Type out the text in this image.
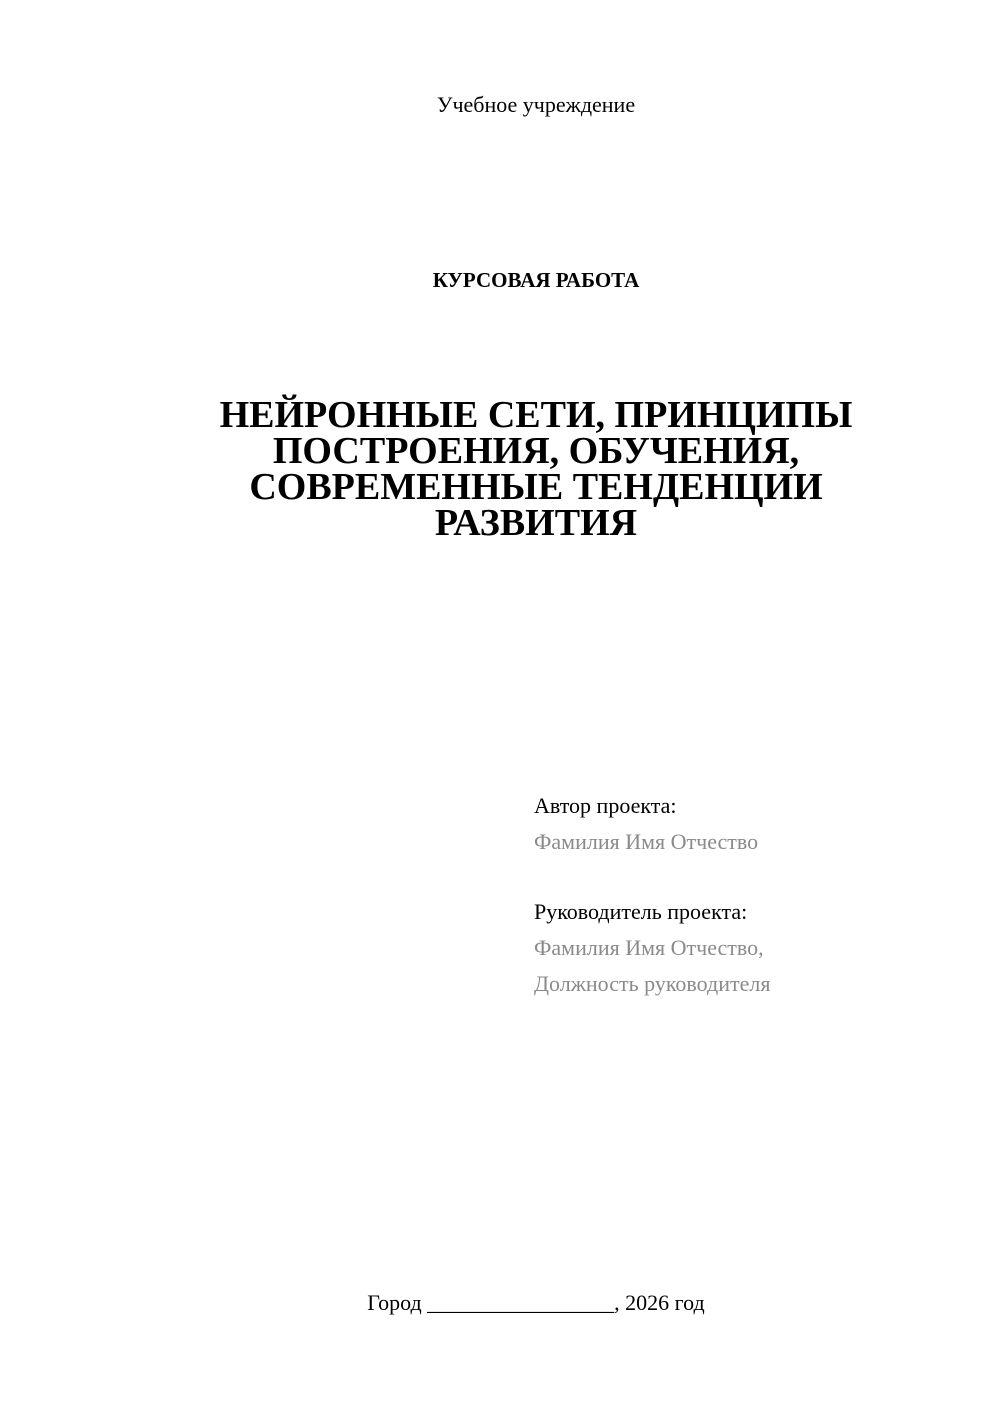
Учебное учреждение
КУРСОВАЯ РАБОТА
НЕЙРОННЫЕ СЕТИ, ПРИНЦИПЫ
ПОСТРОЕНИЯ, ОБУЧЕНИЯ,
СОВРЕМЕННЫЕ ТЕНДЕНЦИИ
РАЗВИТИЯ
Автор проекта:
Фамилия Имя Отчество
Руководитель проекта:
Фамилия Имя Отчество,
Должность руководителя
Город _________________, 2026 год
